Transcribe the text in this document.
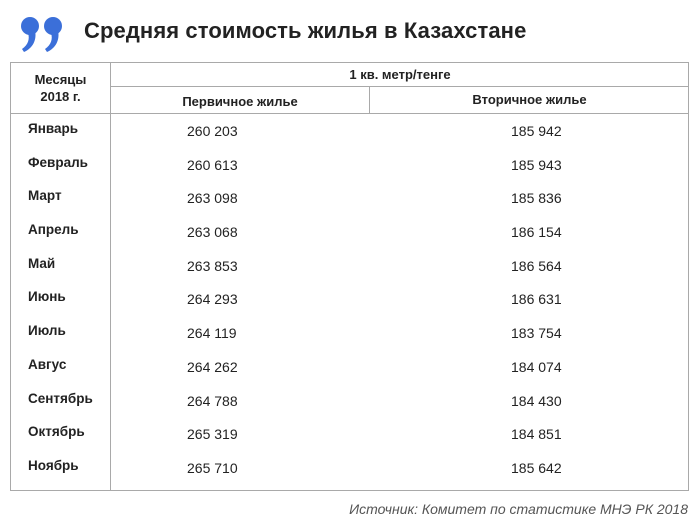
Средняя стоимость жилья в Казахстане
Месяцы
2018 г.
1 кв. метр/тенге
Первичное жилье	Вторичное жилье
Январь	260 203	185 942
Февраль	260 613	185 943
Март	263 098	185 836
Апрель	263 068	186 154
Май	263 853	186 564
Июнь	264 293	186 631
Июль	264 119	183 754
Авгус	264 262	184 074
Сентябрь	264 788	184 430
Октябрь	265 319	184 851
Ноябрь	265 710	185 642
Источник: Комитет по статистике МНЭ РК 2018
